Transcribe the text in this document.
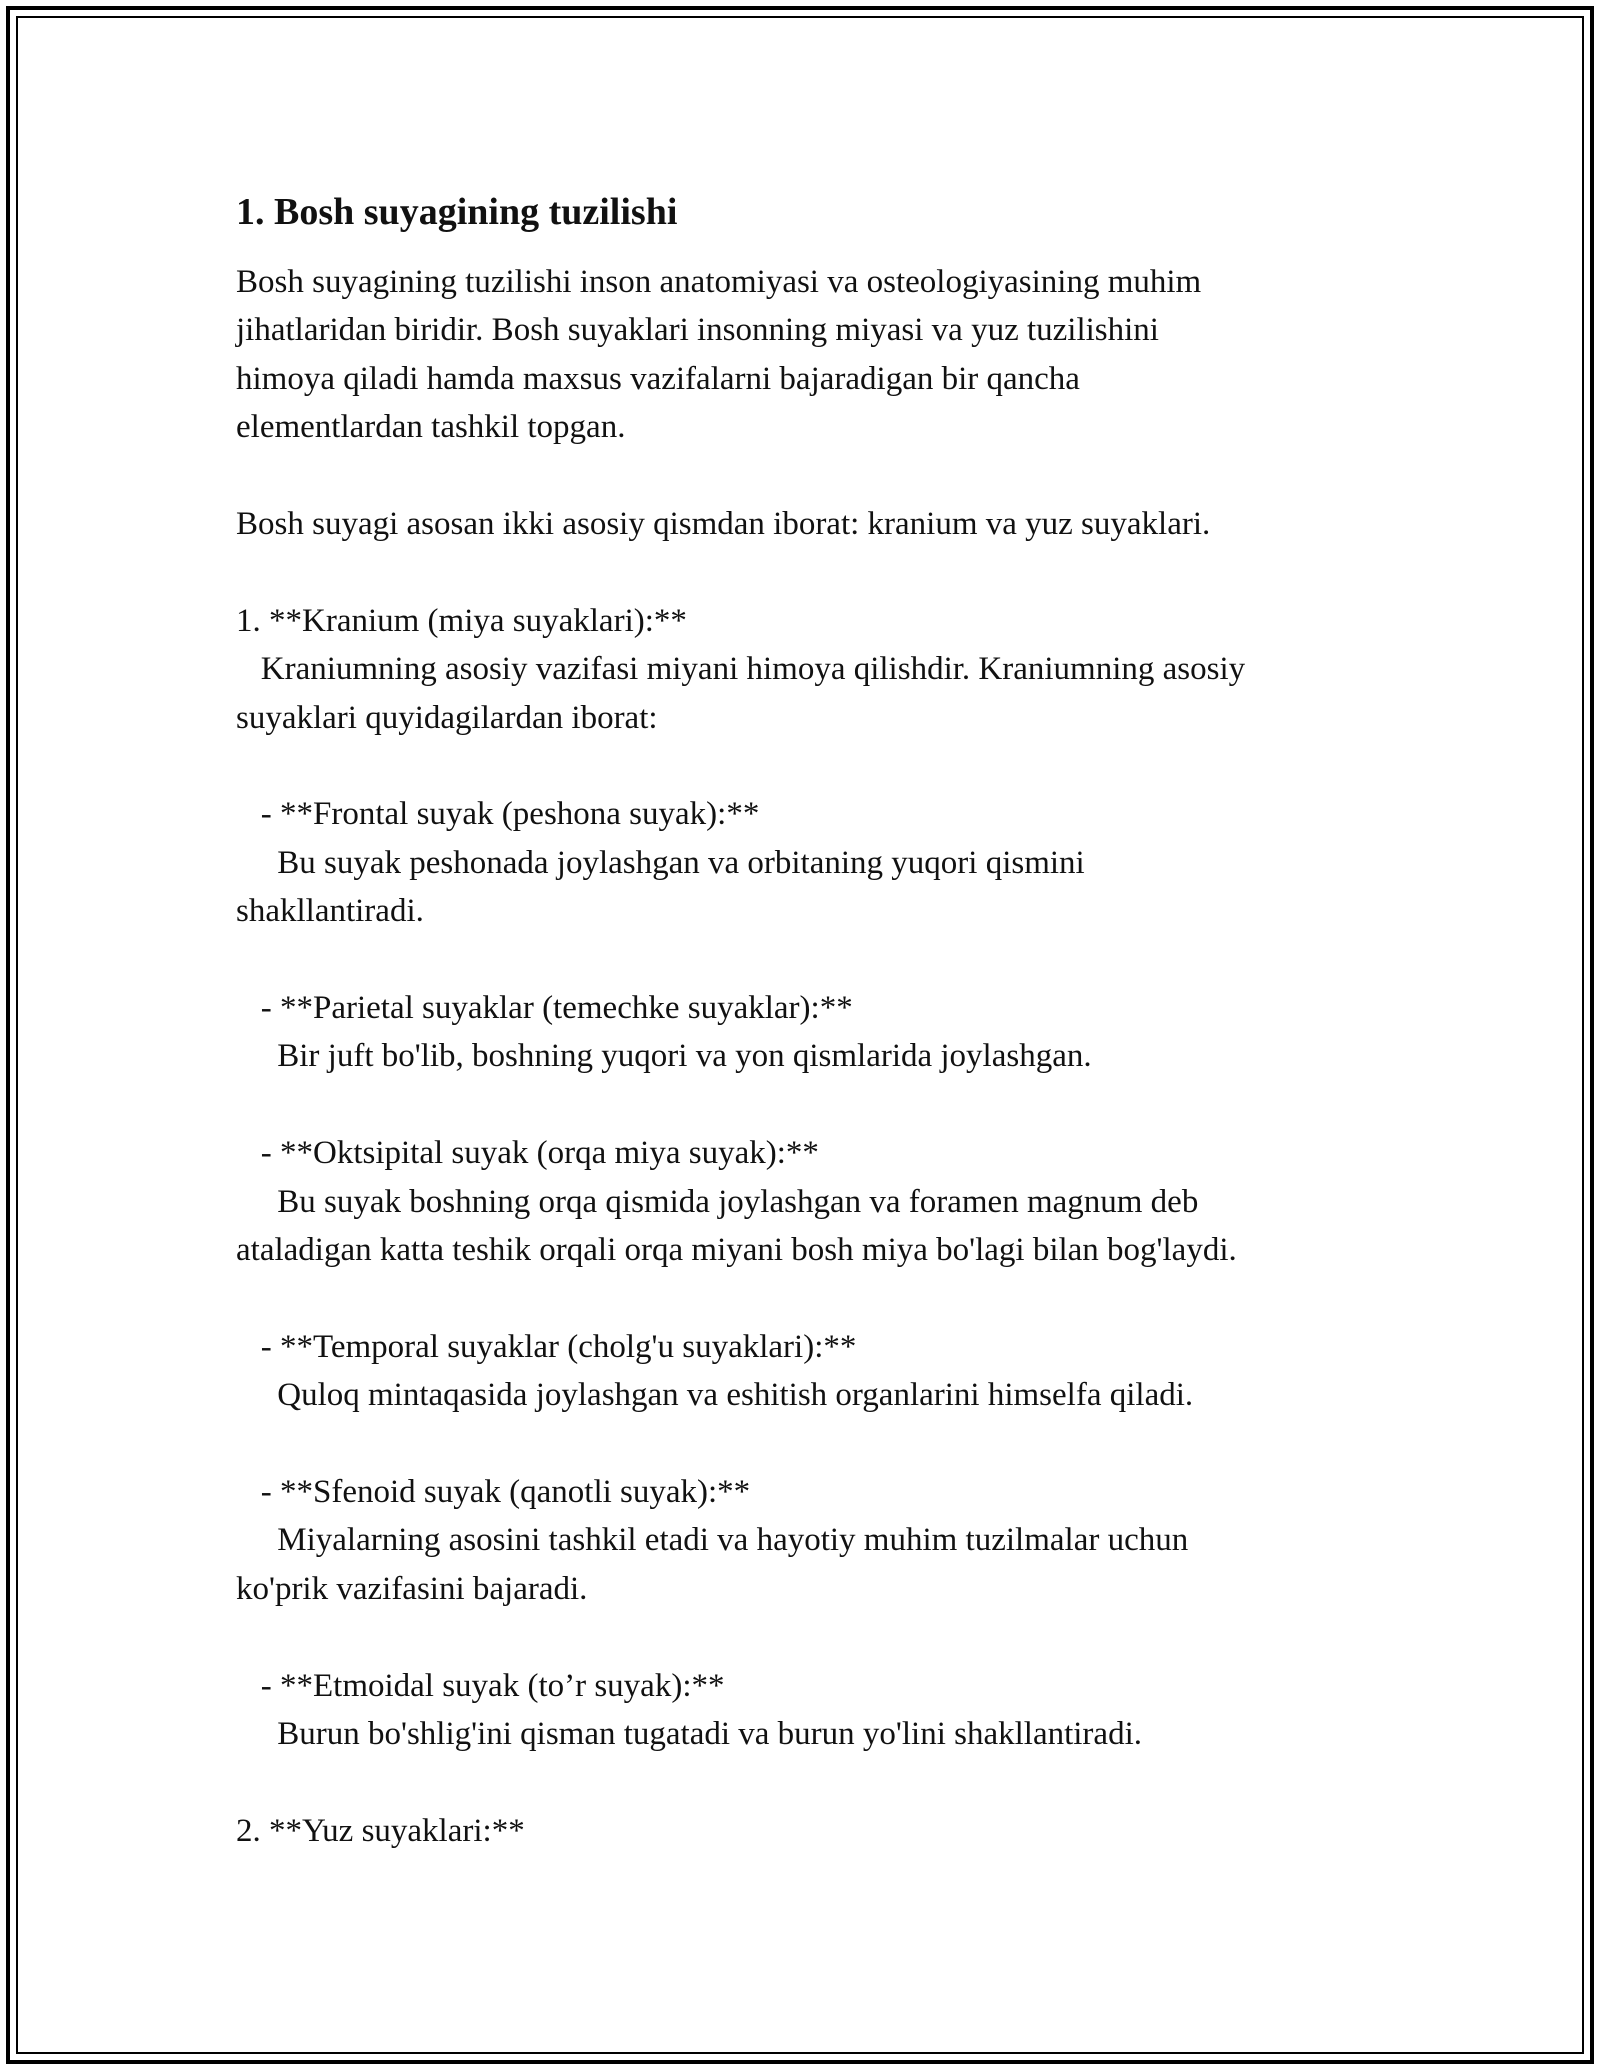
1. Bosh suyagining tuzilishi

Bosh suyagining tuzilishi inson anatomiyasi va osteologiyasining muhim

jihatlaridan biridir. Bosh suyaklari insonning miyasi va yuz tuzilishini

himoya qiladi hamda maxsus vazifalarni bajaradigan bir qancha

elementlardan tashkil topgan.

Bosh suyagi asosan ikki asosiy qismdan iborat: kranium va yuz suyaklari.

1. **Kranium (miya suyaklari):**

Kraniumning asosiy vazifasi miyani himoya qilishdir. Kraniumning asosiy

suyaklari quyidagilardan iborat:

- **Frontal suyak (peshona suyak):**

Bu suyak peshonada joylashgan va orbitaning yuqori qismini

shakllantiradi.

- **Parietal suyaklar (temechke suyaklar):**

Bir juft bo'lib, boshning yuqori va yon qismlarida joylashgan.

- **Oktsipital suyak (orqa miya suyak):**

Bu suyak boshning orqa qismida joylashgan va foramen magnum deb

ataladigan katta teshik orqali orqa miyani bosh miya bo'lagi bilan bog'laydi.

- **Temporal suyaklar (cholg'u suyaklari):**

Quloq mintaqasida joylashgan va eshitish organlarini himselfa qiladi.

- **Sfenoid suyak (qanotli suyak):**

Miyalarning asosini tashkil etadi va hayotiy muhim tuzilmalar uchun

ko'prik vazifasini bajaradi.

- **Etmoidal suyak (to’r suyak):**

Burun bo'shlig'ini qisman tugatadi va burun yo'lini shakllantiradi.

2. **Yuz suyaklari:**
